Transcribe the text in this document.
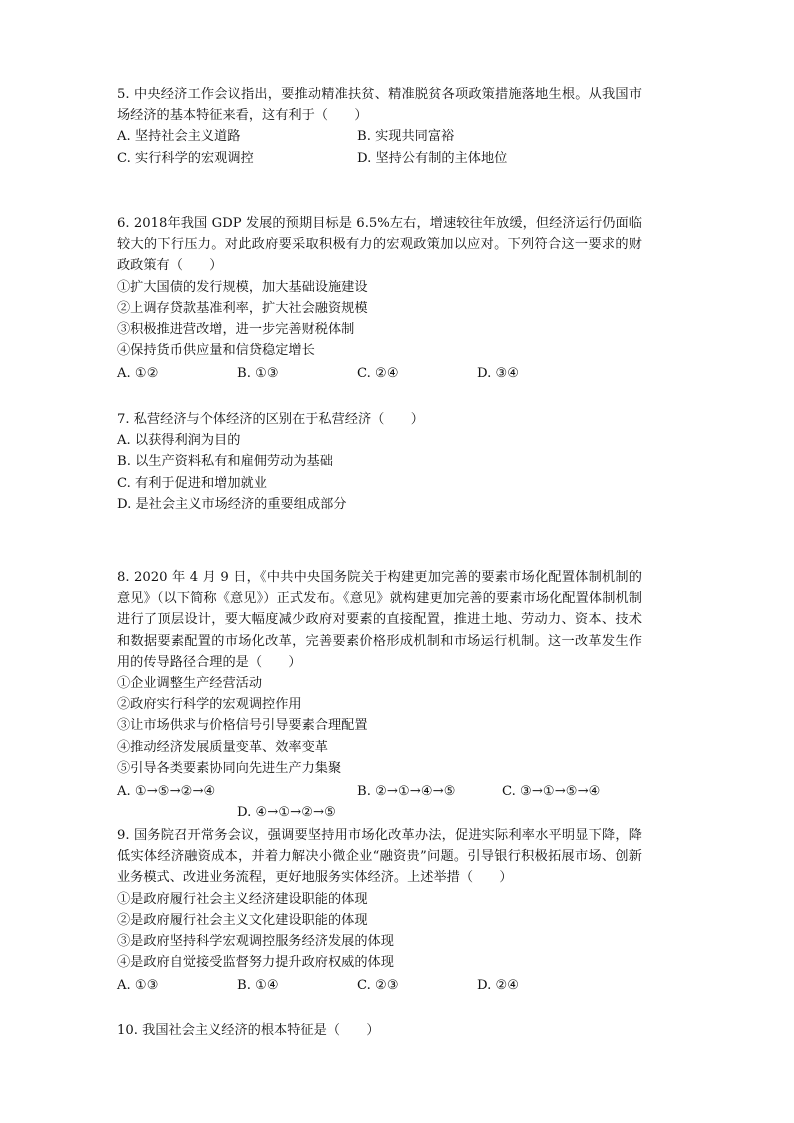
5. 中央经济工作会议指出，要推动精准扶贫、精准脱贫各项政策措施落地生根。从我国市场经济的基本特征来看，这有利于（　　）
A. 坚持社会主义道路	B. 实现共同富裕
C. 实行科学的宏观调控	D. 坚持公有制的主体地位
6. 2018年我国 GDP 发展的预期目标是 6.5%左右，增速较往年放缓，但经济运行仍面临较大的下行压力。对此政府要采取积极有力的宏观政策加以应对。下列符合这一要求的财政政策有（　　）
①扩大国债的发行规模，加大基础设施建设
②上调存贷款基准利率，扩大社会融资规模
③积极推进营改增，进一步完善财税体制
④保持货币供应量和信贷稳定增长
A. ①②	B. ①③	C. ②④	D. ③④
7. 私营经济与个体经济的区别在于私营经济（　　）
A. 以获得利润为目的
B. 以生产资料私有和雇佣劳动为基础
C. 有利于促进和增加就业
D. 是社会主义市场经济的重要组成部分
8. 2020 年 4 月 9 日，《中共中央国务院关于构建更加完善的要素市场化配置体制机制的意见》（以下简称《意见》）正式发布。《意见》就构建更加完善的要素市场化配置体制机制进行了顶层设计，要大幅度减少政府对要素的直接配置，推进土地、劳动力、资本、技术和数据要素配置的市场化改革，完善要素价格形成机制和市场运行机制。这一改革发生作用的传导路径合理的是（　　）
①企业调整生产经营活动
②政府实行科学的宏观调控作用
③让市场供求与价格信号引导要素合理配置
④推动经济发展质量变革、效率变革
⑤引导各类要素协同向先进生产力集聚
A. ①→⑤→②→④	B. ②→①→④→⑤	C. ③→①→⑤→④
D. ④→①→②→⑤
9. 国务院召开常务会议，强调要坚持用市场化改革办法，促进实际利率水平明显下降，降低实体经济融资成本，并着力解决小微企业“融资贵”问题。引导银行积极拓展市场、创新业务模式、改进业务流程，更好地服务实体经济。上述举措（　　）
①是政府履行社会主义经济建设职能的体现
②是政府履行社会主义文化建设职能的体现
③是政府坚持科学宏观调控服务经济发展的体现
④是政府自觉接受监督努力提升政府权威的体现
A. ①③	B. ①④	C. ②③	D. ②④
10. 我国社会主义经济的根本特征是（　　）
